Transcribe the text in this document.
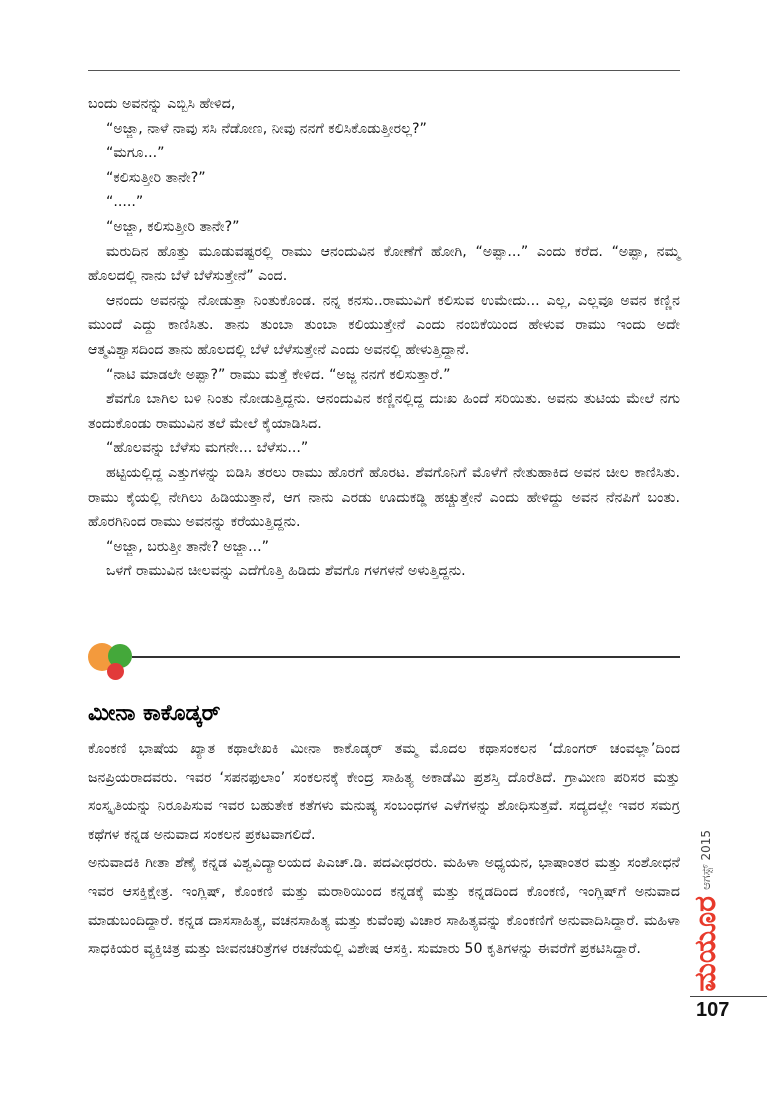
ಬಂದು ಅವನನ್ನು ಎಬ್ಬಿಸಿ ಹೇಳಿದ,

“ಅಜ್ಜಾ, ನಾಳೆ ನಾವು ಸಸಿ ನೆಡೋಣ, ನೀವು ನನಗೆ ಕಲಿಸಿಕೊಡುತ್ತೀರಲ್ಲ?”

“ಮಗೂ...”

“ಕಲಿಸುತ್ತೀರಿ ತಾನೇ?”

“.....”

“ಅಜ್ಜಾ, ಕಲಿಸುತ್ತೀರಿ ತಾನೇ?”

ಮರುದಿನ ಹೊತ್ತು ಮೂಡುವಷ್ಟರಲ್ಲಿ ರಾಮು ಆನಂದುವಿನ ಕೋಣೆಗೆ ಹೋಗಿ, “ಅಪ್ಪಾ...” ಎಂದು ಕರೆದ. “ಅಪ್ಪಾ, ನಮ್ಮ ಹೊಲದಲ್ಲಿ ನಾನು ಬೆಳೆ ಬೆಳೆಸುತ್ತೇನೆ” ಎಂದ.

ಆನಂದು ಅವನನ್ನು ನೋಡುತ್ತಾ ನಿಂತುಕೊಂಡ. ನನ್ನ ಕನಸು..ರಾಮುವಿಗೆ ಕಲಿಸುವ ಉಮೇದು... ಎಲ್ಲ, ಎಲ್ಲವೂ ಅವನ ಕಣ್ಣಿನ ಮುಂದೆ ಎದ್ದು ಕಾಣಿಸಿತು. ತಾನು ತುಂಬಾ ತುಂಬಾ ಕಲಿಯುತ್ತೇನೆ ಎಂದು ನಂಬಿಕೆಯಿಂದ ಹೇಳುವ ರಾಮು ಇಂದು ಅದೇ ಆತ್ಮವಿಶ್ವಾಸದಿಂದ ತಾನು ಹೊಲದಲ್ಲಿ ಬೆಳೆ ಬೆಳೆಸುತ್ತೇನೆ ಎಂದು ಅವನಲ್ಲಿ ಹೇಳುತ್ತಿದ್ದಾನೆ.

“ನಾಟಿ ಮಾಡಲೇ ಅಪ್ಪಾ?” ರಾಮು ಮತ್ತೆ ಕೇಳಿದ. “ಅಜ್ಜ ನನಗೆ ಕಲಿಸುತ್ತಾರೆ.”

ಶೆವಗೊ ಬಾಗಿಲ ಬಳಿ ನಿಂತು ನೋಡುತ್ತಿದ್ದನು. ಆನಂದುವಿನ ಕಣ್ಣಿನಲ್ಲಿದ್ದ ದುಃಖ ಹಿಂದೆ ಸರಿಯಿತು. ಅವನು ತುಟಿಯ ಮೇಲೆ ನಗು ತಂದುಕೊಂಡು ರಾಮುವಿನ ತಲೆ ಮೇಲೆ ಕೈಯಾಡಿಸಿದ.

“ಹೊಲವನ್ನು ಬೆಳೆಸು ಮಗನೇ... ಬೆಳೆಸು...”

ಹಟ್ಟಿಯಲ್ಲಿದ್ದ ಎತ್ತುಗಳನ್ನು ಬಿಡಿಸಿ ತರಲು ರಾಮು ಹೊರಗೆ ಹೊರಟ. ಶೆವಗೊನಿಗೆ ಮೊಳೆಗೆ ನೇತುಹಾಕಿದ ಅವನ ಚೀಲ ಕಾಣಿಸಿತು. ರಾಮು ಕೈಯಲ್ಲಿ ನೇಗಿಲು ಹಿಡಿಯುತ್ತಾನೆ, ಆಗ ನಾನು ಎರಡು ಊದುಕಡ್ಡಿ ಹಚ್ಚುತ್ತೇನೆ ಎಂದು ಹೇಳಿದ್ದು ಅವನ ನೆನಪಿಗೆ ಬಂತು. ಹೊರಗಿನಿಂದ ರಾಮು ಅವನನ್ನು ಕರೆಯುತ್ತಿದ್ದನು.

“ಅಜ್ಜಾ, ಬರುತ್ತೀ ತಾನೇ? ಅಜ್ಜಾ...”

ಒಳಗೆ ರಾಮುವಿನ ಚೀಲವನ್ನು ಎದೆಗೊತ್ತಿ ಹಿಡಿದು ಶೆವಗೊ ಗಳಗಳನೆ ಅಳುತ್ತಿದ್ದನು.

ಮೀನಾ ಕಾಕೊಡ್ಕರ್

ಕೊಂಕಣಿ ಭಾಷೆಯ ಖ್ಯಾತ ಕಥಾಲೇಖಕಿ ಮೀನಾ ಕಾಕೊಡ್ಕರ್ ತಮ್ಮ ಮೊದಲ ಕಥಾಸಂಕಲನ ‘ದೊಂಗರ್ ಚಂವಲ್ಲಾ’ದಿಂದ ಜನಪ್ರಿಯರಾದವರು. ಇವರ ‘ಸಪನಫುಲಾಂ’ ಸಂಕಲನಕ್ಕೆ ಕೇಂದ್ರ ಸಾಹಿತ್ಯ ಅಕಾಡೆಮಿ ಪ್ರಶಸ್ತಿ ದೊರೆತಿದೆ. ಗ್ರಾಮೀಣ ಪರಿಸರ ಮತ್ತು ಸಂಸ್ಕೃತಿಯನ್ನು ನಿರೂಪಿಸುವ ಇವರ ಬಹುತೇಕ ಕತೆಗಳು ಮನುಷ್ಯ ಸಂಬಂಧಗಳ ಎಳೆಗಳನ್ನು ಶೋಧಿಸುತ್ತವೆ. ಸದ್ಯದಲ್ಲೇ ಇವರ ಸಮಗ್ರ ಕಥೆಗಳ ಕನ್ನಡ ಅನುವಾದ ಸಂಕಲನ ಪ್ರಕಟವಾಗಲಿದೆ.

ಅನುವಾದಕಿ ಗೀತಾ ಶೆಣೈ ಕನ್ನಡ ವಿಶ್ವವಿದ್ಯಾಲಯದ ಪಿಎಚ್.ಡಿ. ಪದವೀಧರರು. ಮಹಿಳಾ ಅಧ್ಯಯನ, ಭಾಷಾಂತರ ಮತ್ತು ಸಂಶೋಧನೆ ಇವರ ಆಸಕ್ತಿಕ್ಷೇತ್ರ. ಇಂಗ್ಲಿಷ್, ಕೊಂಕಣಿ ಮತ್ತು ಮರಾಠಿಯಿಂದ ಕನ್ನಡಕ್ಕೆ ಮತ್ತು ಕನ್ನಡದಿಂದ ಕೊಂಕಣಿ, ಇಂಗ್ಲಿಷ್‌ಗೆ ಅನುವಾದ ಮಾಡುಬಂದಿದ್ದಾರೆ. ಕನ್ನಡ ದಾಸಸಾಹಿತ್ಯ, ವಚನಸಾಹಿತ್ಯ ಮತ್ತು ಕುವೆಂಪು ವಿಚಾರ ಸಾಹಿತ್ಯವನ್ನು ಕೊಂಕಣಿಗೆ ಅನುವಾದಿಸಿದ್ದಾರೆ. ಮಹಿಳಾ ಸಾಧಕಿಯರ ವ್ಯಕ್ತಿಚಿತ್ರ ಮತ್ತು ಜೀವನಚರಿತ್ರೆಗಳ ರಚನೆಯಲ್ಲಿ ವಿಶೇಷ ಆಸಕ್ತಿ. ಸುಮಾರು 50 ಕೃತಿಗಳನ್ನು ಈವರೆಗೆ ಪ್ರಕಟಿಸಿದ್ದಾರೆ.	ಮಯೂರ
ಆಗಸ್ಟ್ 2015
107
